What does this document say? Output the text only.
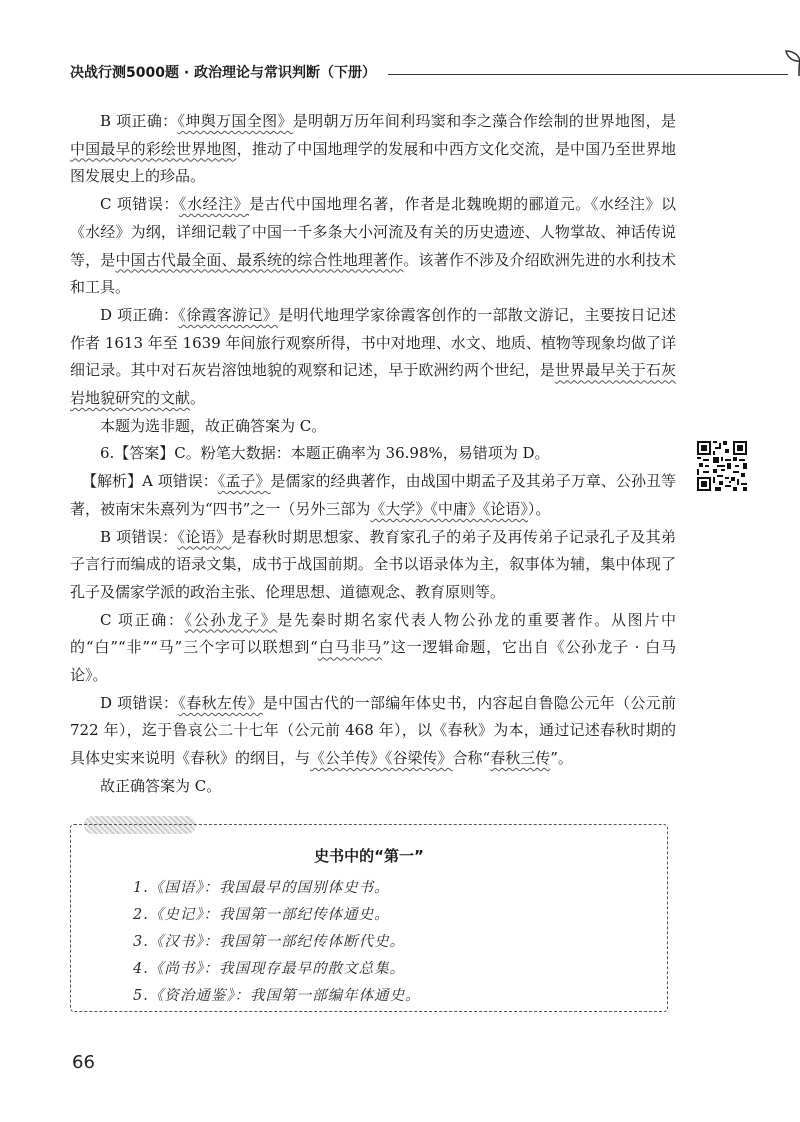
决战行测5000题 · 政治理论与常识判断（下册）

B 项正确：《坤舆万国全图》是明朝万历年间利玛窦和李之藻合作绘制的世界地图，是中国最早的彩绘世界地图，推动了中国地理学的发展和中西方文化交流，是中国乃至世界地图发展史上的珍品。

C 项错误：《水经注》是古代中国地理名著，作者是北魏晚期的郦道元。《水经注》以《水经》为纲，详细记载了中国一千多条大小河流及有关的历史遗迹、人物掌故、神话传说等，是中国古代最全面、最系统的综合性地理著作。该著作不涉及介绍欧洲先进的水利技术和工具。

D 项正确：《徐霞客游记》是明代地理学家徐霞客创作的一部散文游记，主要按日记述作者 1613 年至 1639 年间旅行观察所得，书中对地理、水文、地质、植物等现象均做了详细记录。其中对石灰岩溶蚀地貌的观察和记述，早于欧洲约两个世纪，是世界最早关于石灰岩地貌研究的文献。

本题为选非题，故正确答案为 C。

6.【答案】C。粉笔大数据：本题正确率为 36.98%，易错项为 D。

【解析】A 项错误：《孟子》是儒家的经典著作，由战国中期孟子及其弟子万章、公孙丑等著，被南宋朱熹列为“四书”之一（另外三部为《大学》《中庸》《论语》）。

B 项错误：《论语》是春秋时期思想家、教育家孔子的弟子及再传弟子记录孔子及其弟子言行而编成的语录文集，成书于战国前期。全书以语录体为主，叙事体为辅，集中体现了孔子及儒家学派的政治主张、伦理思想、道德观念、教育原则等。

C 项正确：《公孙龙子》是先秦时期名家代表人物公孙龙的重要著作。从图片中的“白”“非”“马”三个字可以联想到“白马非马”这一逻辑命题，它出自《公孙龙子 · 白马论》。

D 项错误：《春秋左传》是中国古代的一部编年体史书，内容起自鲁隐公元年（公元前 722 年），迄于鲁哀公二十七年（公元前 468 年），以《春秋》为本，通过记述春秋时期的具体史实来说明《春秋》的纲目，与《公羊传》《谷梁传》合称“春秋三传”。

故正确答案为 C。

史书中的“第一”
1.《国语》：我国最早的国别体史书。
2.《史记》：我国第一部纪传体通史。
3.《汉书》：我国第一部纪传体断代史。
4.《尚书》：我国现存最早的散文总集。
5.《资治通鉴》：我国第一部编年体通史。
66
